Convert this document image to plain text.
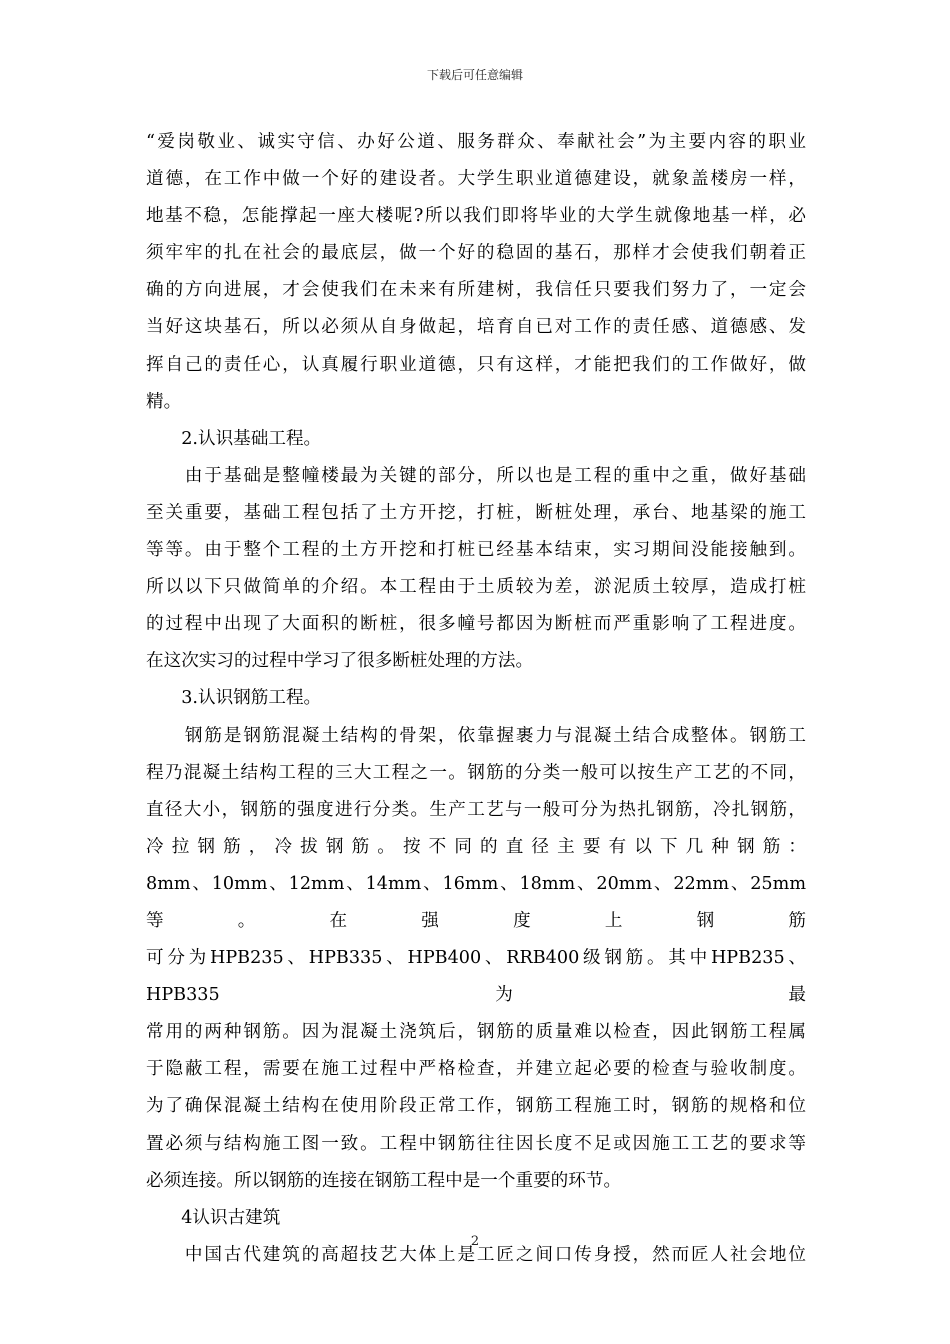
下载后可任意编辑
“爱岗敬业、诚实守信、办好公道、服务群众、奉献社会”为主要内容的职业
道德，在工作中做一个好的建设者。大学生职业道德建设，就象盖楼房一样，
地基不稳，怎能撑起一座大楼呢?所以我们即将毕业的大学生就像地基一样，必
须牢牢的扎在社会的最底层，做一个好的稳固的基石，那样才会使我们朝着正
确的方向进展，才会使我们在未来有所建树，我信任只要我们努力了，一定会
当好这块基石，所以必须从自身做起，培育自已对工作的责任感、道德感、发
挥自己的责任心，认真履行职业道德，只有这样，才能把我们的工作做好，做
精。
　　2.认识基础工程。
　　由于基础是整幢楼最为关键的部分，所以也是工程的重中之重，做好基础
至关重要，基础工程包括了土方开挖，打桩，断桩处理，承台、地基梁的施工
等等。由于整个工程的土方开挖和打桩已经基本结束，实习期间没能接触到。
所以以下只做简单的介绍。本工程由于土质较为差，淤泥质土较厚，造成打桩
的过程中出现了大面积的断桩，很多幢号都因为断桩而严重影响了工程进度。
在这次实习的过程中学习了很多断桩处理的方法。
　　3.认识钢筋工程。
　　钢筋是钢筋混凝土结构的骨架，依靠握裹力与混凝土结合成整体。钢筋工
程乃混凝土结构工程的三大工程之一。钢筋的分类一般可以按生产工艺的不同，
直径大小，钢筋的强度进行分类。生产工艺与一般可分为热扎钢筋，冷扎钢筋，
冷拉钢筋，冷拔钢筋。按不同的直径主要有以下几种钢筋：
8mm、10mm、12mm、14mm、16mm、18mm、20mm、22mm、25mm等。在强度上钢筋
可分为HPB235、HPB335、HPB400、RRB400级钢筋。其中HPB235、HPB335为最
常用的两种钢筋。因为混凝土浇筑后，钢筋的质量难以检查，因此钢筋工程属
于隐蔽工程，需要在施工过程中严格检查，并建立起必要的检查与验收制度。
为了确保混凝土结构在使用阶段正常工作，钢筋工程施工时，钢筋的规格和位
置必须与结构施工图一致。工程中钢筋往往因长度不足或因施工工艺的要求等
必须连接。所以钢筋的连接在钢筋工程中是一个重要的环节。
　　4认识古建筑
　　中国古代建筑的高超技艺大体上是工匠之间口传身授，然而匠人社会地位
2
